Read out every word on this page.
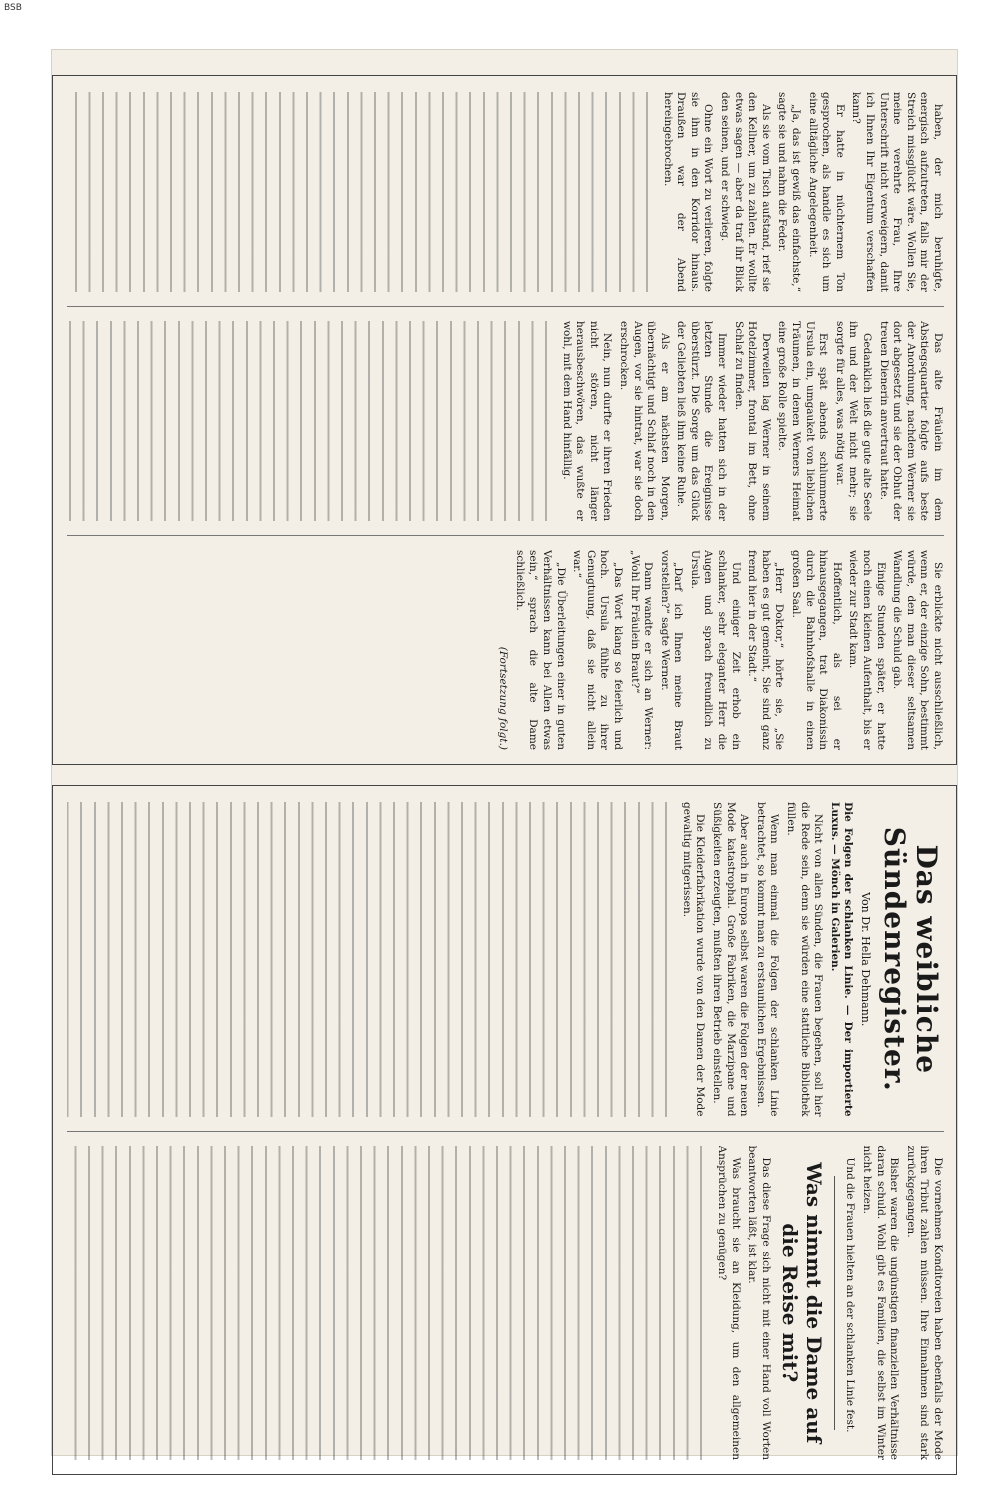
BSB

haben, der mich beruhigte, energisch aufzutreten, falls mir der Streich missglückt wäre. Wollen Sie, meine verehrte Frau, Ihre Unterschrift nicht verweigern, damit ich Ihnen Ihr Eigentum verschaffen kann?

Er hatte in nüchternem Ton gesprochen, als handle es sich um eine alltägliche Angelegenheit.

„Ja, das ist gewiß das einfachste,“ sagte sie und nahm die Feder.

Als sie vom Tisch aufstand, rief sie den Kellner, um zu zahlen. Er wollte etwas sagen — aber da traf ihr Blick den seinen, und er schwieg.

Ohne ein Wort zu verlieren, folgte sie ihm in den Korridor hinaus. Draußen war der Abend hereingebrochen.

Das alte Fräulein im dem Abstiegsquartier folgte aufs beste der Anordnung, nachdem Werner sie dort abgesetzt und sie der Obhut der treuen Dienerin anvertraut hatte.

Gedanklich ließ die gute alte Seele ihn und der Welt nicht mehr; sie sorgte für alles, was nötig war.

Erst spät abends schlummerte Ursula ein, umgaukelt von lieblichen Träumen, in denen Werners Heimat eine große Rolle spielte.

Derweilen lag Werner in seinem Hotelzimmer, frontal im Bett, ohne Schlaf zu finden.

Immer wieder hatten sich in der letzten Stunde die Ereignisse überstürzt. Die Sorge um das Glück der Geliebten ließ ihm keine Ruhe.

Als er am nächsten Morgen, übernächtigt und Schlaf noch in den Augen, vor sie hintrat, war sie doch erschrocken.

Nein, nun durfte er ihren Frieden nicht stören, nicht länger herausbeschwören, das wußte er wohl, mit dem Hand hinfällig.

Sie erblickte nicht ausschließlich, wenn er, der einzige Sohn, bestimmt würde, den man dieser seltsamen Wandlung die Schuld gab.

Einige Stunden später, er hatte noch einen kleinen Aufenthalt, bis er wieder zur Stadt kam.

Hoffentlich, als sei er hinausgegangen, trat Diakonissin durch die Bahnhofshalle in einen großen Saal.

„Herr Doktor,“ hörte sie, „Sie haben es gut gemeint, Sie sind ganz fremd hier in der Stadt.“

Und einiger Zeit erhob ein schlanker, sehr eleganter Herr die Augen und sprach freundlich zu Ursula.

„Darf ich Ihnen meine Braut vorstellen?“ sagte Werner.

Dann wandte er sich an Werner: „Wohl Ihr Fräulein Braut?“

„Das Wort klang so feierlich und hoch. Ursula fühlte zu ihrer Genugtuung, daß sie nicht allein war.“

„Die Überleitungen einer in guten Verhältnissen kann bei Allen etwas sein,“ sprach die alte Dame schließlich.

(Fortsetzung folgt.)

Das weibliche Sündenregister.
Von Dr. Hella Dehmann.

Die Folgen der schlanken Linie. — Der importierte Luxus. — Mönch in Galerien.

Nicht von allen Sünden, die Frauen begehen, soll hier die Rede sein, denn sie würden eine stattliche Bibliothek füllen.

Wenn man einmal die Folgen der schlanken Linie betrachtet, so kommt man zu erstaunlichen Ergebnissen.

Aber auch in Europa selbst waren die Folgen der neuen Mode katastrophal. Große Fabriken, die Marzipane und Süßigkeiten erzeugten, mußten ihren Betrieb einstellen.

Die Kleiderfabrikation wurde von den Damen der Mode gewaltig mitgerissen.

Die vornehmen Konditoreien haben ebenfalls der Mode ihren Tribut zahlen müssen. Ihre Einnahmen sind stark zurückgegangen.

Bisher waren die ungünstigen finanziellen Verhältnisse daran schuld. Wohl gibt es Familien, die selbst im Winter nicht heizen.

Und die Frauen hielten an der schlanken Linie fest.

Was nimmt die Dame auf die Reise mit?

Das diese Frage sich nicht mit einer Hand voll Worten beantworten läßt, ist klar.

Was braucht sie an Kleidung, um den allgemeinen Ansprüchen zu genügen?
